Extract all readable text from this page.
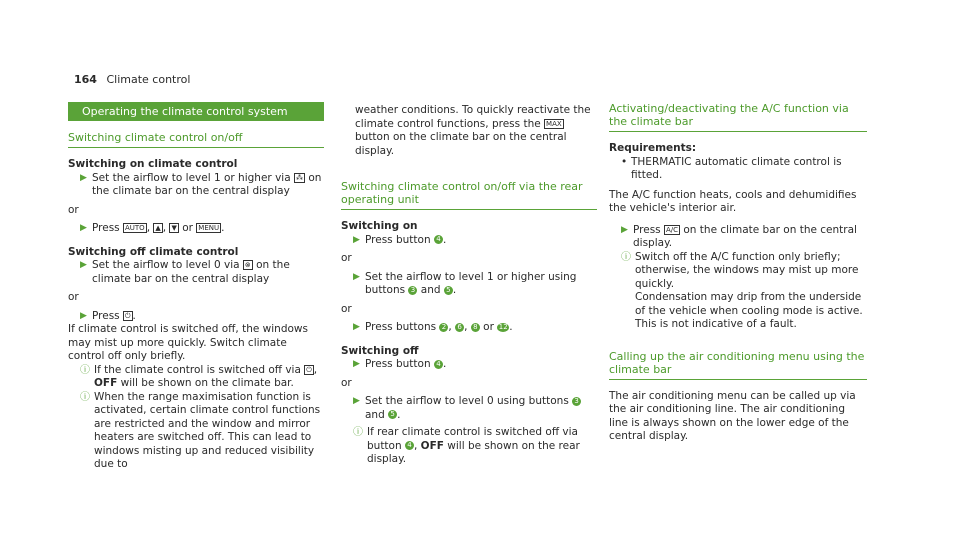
164 Climate control
Operating the climate control system
Switching climate control on/off
Switching on climate control
▶ Set the airflow to level 1 or higher via ⁂ on the climate bar on the central display
or
▶ Press AUTO , ▲ , ▼ or MENU .
Switching off climate control
▶ Set the airflow to level 0 via ⊗ on the climate bar on the central display
or
▶ Press ⏻ .
If climate control is switched off, the windows may mist up more quickly. Switch climate control off only briefly.
ⓘ If the climate control is switched off via ⏻ , OFF will be shown on the climate bar.
ⓘ When the range maximisation function is activated, certain climate control functions are restricted and the window and mirror heaters are switched off. This can lead to windows misting up and reduced visibility due to
weather conditions. To quickly reactivate the climate control functions, press the MAX button on the climate bar on the central display.
Switching climate control on/off via the rear operating unit
Switching on
▶ Press button 4 .
or
▶ Set the airflow to level 1 or higher using buttons 3 and 5 .
or
▶ Press buttons 2 , 6 , 8 or 12 .
Switching off
▶ Press button 4 .
or
▶ Set the airflow to level 0 using buttons 3 and 5 .
ⓘ If rear climate control is switched off via button 4 , OFF will be shown on the rear display.
Activating/deactivating the A/C function via the climate bar
Requirements:
• THERMATIC automatic climate control is fitted.
The A/C function heats, cools and dehumidifies the vehicle's interior air.
▶ Press A/C on the climate bar on the central display.
ⓘ Switch off the A/C function only briefly; otherwise, the windows may mist up more quickly.
Condensation may drip from the underside of the vehicle when cooling mode is active. This is not indicative of a fault.
Calling up the air conditioning menu using the climate bar
The air conditioning menu can be called up via the air conditioning line. The air conditioning line is always shown on the lower edge of the central display.
